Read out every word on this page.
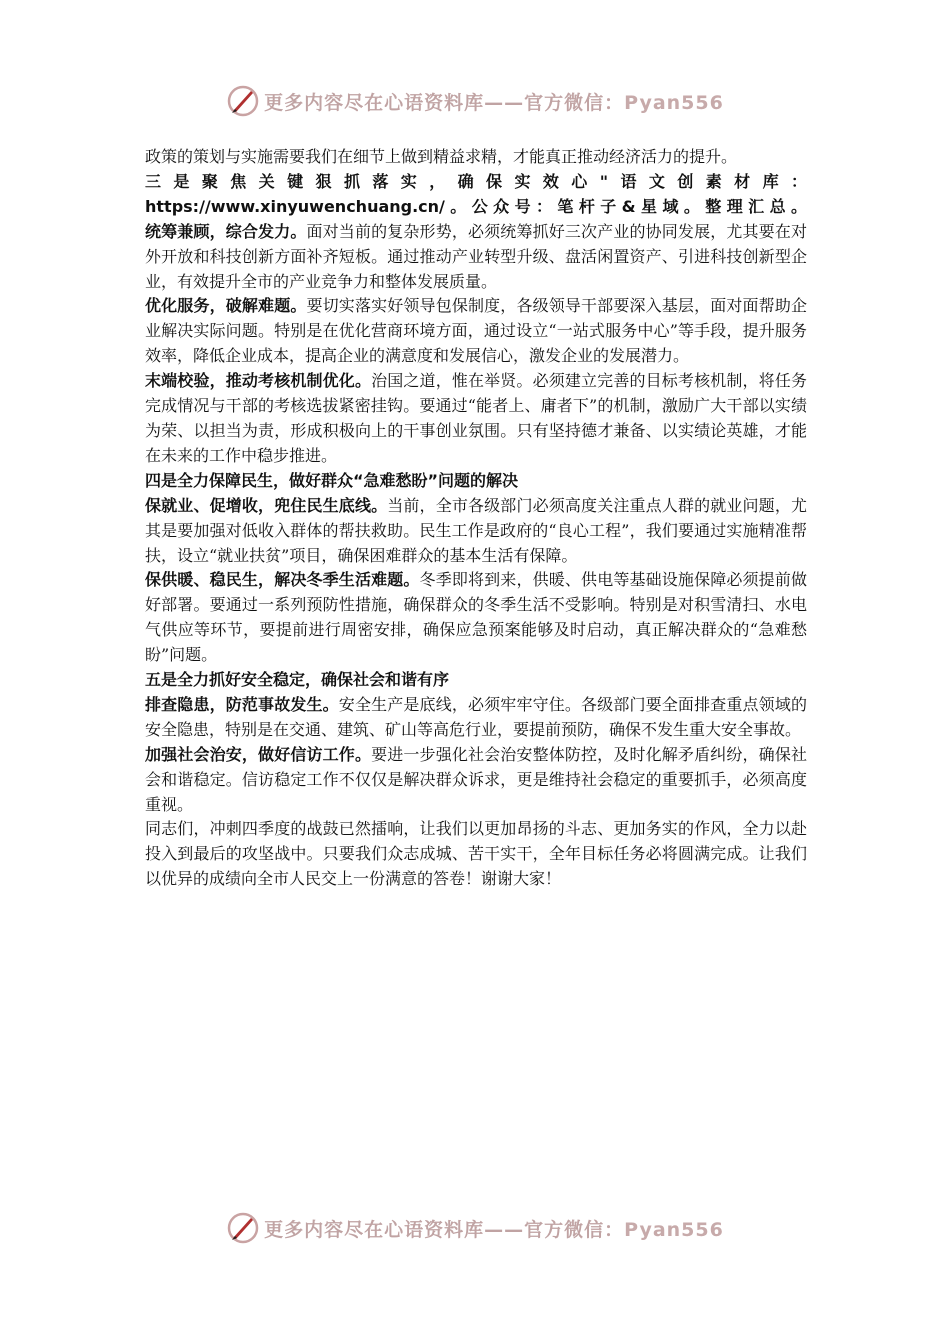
更多内容尽在心语资料库——官方微信：Pyan556

政策的策划与实施需要我们在细节上做到精益求精，才能真正推动经济活力的提升。

三是聚焦关键狠抓落实，确保实效心"语文创素材库：https://www.xinyuwenchuang.cn/。公众号：笔杆子&星域。整理汇总。

统筹兼顾，综合发力。面对当前的复杂形势，必须统筹抓好三次产业的协同发展，尤其要在对外开放和科技创新方面补齐短板。通过推动产业转型升级、盘活闲置资产、引进科技创新型企业，有效提升全市的产业竞争力和整体发展质量。

优化服务，破解难题。要切实落实好领导包保制度，各级领导干部要深入基层，面对面帮助企业解决实际问题。特别是在优化营商环境方面，通过设立“一站式服务中心”等手段，提升服务效率，降低企业成本，提高企业的满意度和发展信心，激发企业的发展潜力。

末端校验，推动考核机制优化。治国之道，惟在举贤。必须建立完善的目标考核机制，将任务完成情况与干部的考核选拔紧密挂钩。要通过“能者上、庸者下”的机制，激励广大干部以实绩为荣、以担当为责，形成积极向上的干事创业氛围。只有坚持德才兼备、以实绩论英雄，才能在未来的工作中稳步推进。

四是全力保障民生，做好群众“急难愁盼”问题的解决

保就业、促增收，兜住民生底线。当前，全市各级部门必须高度关注重点人群的就业问题，尤其是要加强对低收入群体的帮扶救助。民生工作是政府的“良心工程”，我们要通过实施精准帮扶，设立“就业扶贫”项目，确保困难群众的基本生活有保障。

保供暖、稳民生，解决冬季生活难题。冬季即将到来，供暖、供电等基础设施保障必须提前做好部署。要通过一系列预防性措施，确保群众的冬季生活不受影响。特别是对积雪清扫、水电气供应等环节，要提前进行周密安排，确保应急预案能够及时启动，真正解决群众的“急难愁盼”问题。

五是全力抓好安全稳定，确保社会和谐有序

排查隐患，防范事故发生。安全生产是底线，必须牢牢守住。各级部门要全面排查重点领域的安全隐患，特别是在交通、建筑、矿山等高危行业，要提前预防，确保不发生重大安全事故。

加强社会治安，做好信访工作。要进一步强化社会治安整体防控，及时化解矛盾纠纷，确保社会和谐稳定。信访稳定工作不仅仅是解决群众诉求，更是维持社会稳定的重要抓手，必须高度重视。

同志们，冲刺四季度的战鼓已然擂响，让我们以更加昂扬的斗志、更加务实的作风，全力以赴投入到最后的攻坚战中。只要我们众志成城、苦干实干，全年目标任务必将圆满完成。让我们以优异的成绩向全市人民交上一份满意的答卷！谢谢大家！

更多内容尽在心语资料库——官方微信：Pyan556
